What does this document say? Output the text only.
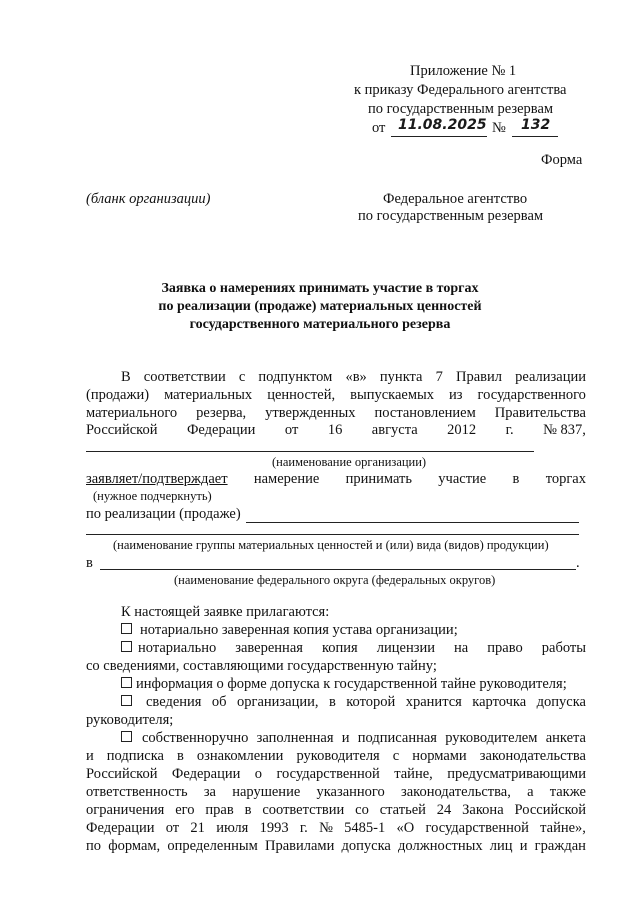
Приложение № 1
к приказу Федерального агентства
по государственным резервам
от 11.08.2025 № 132
Форма
(бланк организации)	Федеральное агентство
по государственным резервам
Заявка о намерениях принимать участие в торгах
по реализации (продаже) материальных ценностей
государственного материального резерва
В соответствии с подпунктом «в» пункта 7 Правил реализации
(продажи) материальных ценностей, выпускаемых из государственного
материального резерва, утвержденных постановлением Правительства
Российской Федерации от 16 августа 2012 г. № 837,
(наименование организации)
заявляет/подтверждает намерение принимать участие в торгах
(нужное подчеркнуть)
по реализации (продаже)
(наименование группы материальных ценностей и (или) вида (видов) продукции)
в	.
(наименование федерального округа (федеральных округов)
К настоящей заявке прилагаются:
нотариально заверенная копия устава организации;
нотариально заверенная копия лицензии на право работы
со сведениями, составляющими государственную тайну;
информация о форме допуска к государственной тайне руководителя;
сведения об организации, в которой хранится карточка допуска
руководителя;
собственноручно заполненная и подписанная руководителем анкета
и подписка в ознакомлении руководителя с нормами законодательства
Российской Федерации о государственной тайне, предусматривающими
ответственность за нарушение указанного законодательства, а также
ограничения его прав в соответствии со статьей 24 Закона Российской
Федерации от 21 июля 1993 г. № 5485-1 «О государственной тайне»,
по формам, определенным Правилами допуска должностных лиц и граждан
